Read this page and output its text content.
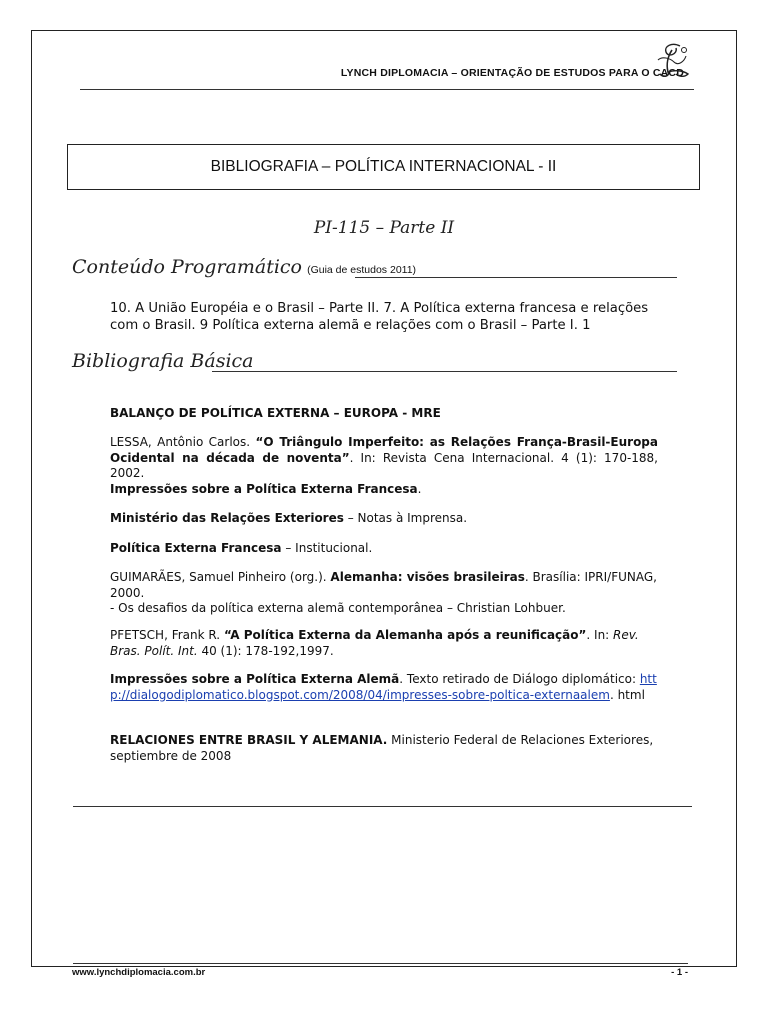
LYNCH DIPLOMACIA – ORIENTAÇÃO DE ESTUDOS PARA O CACD
BIBLIOGRAFIA – POLÍTICA INTERNACIONAL - II
PI-115 – Parte II
Conteúdo Programático (Guia de estudos 2011)
10. A União Européia e o Brasil – Parte II. 7. A Política externa francesa e relações com o Brasil. 9 Política externa alemã e relações com o Brasil – Parte I. 1
Bibliografia Básica
BALANÇO DE POLÍTICA EXTERNA – EUROPA - MRE
LESSA, Antônio Carlos. “O Triângulo Imperfeito: as Relações França-Brasil-Europa Ocidental na década de noventa”. In: Revista Cena Internacional. 4 (1): 170-188, 2002.
Impressões sobre a Política Externa Francesa.
Ministério das Relações Exteriores – Notas à Imprensa.
Política Externa Francesa – Institucional.
GUIMARÃES, Samuel Pinheiro (org.). Alemanha: visões brasileiras. Brasília: IPRI/FUNAG, 2000.
- Os desafios da política externa alemã contemporânea – Christian Lohbuer.
PFETSCH, Frank R. “A Política Externa da Alemanha após a reunificação”. In: Rev. Bras. Polít. Int. 40 (1): 178-192,1997.
Impressões sobre a Política Externa Alemã. Texto retirado de Diálogo diplomático: http://dialogodiplomatico.blogspot.com/2008/04/impresses-sobre-poltica-externaalem. html
RELACIONES ENTRE BRASIL Y ALEMANIA. Ministerio Federal de Relaciones Exteriores, septiembre de 2008
www.lynchdiplomacia.com.br	- 1 -
